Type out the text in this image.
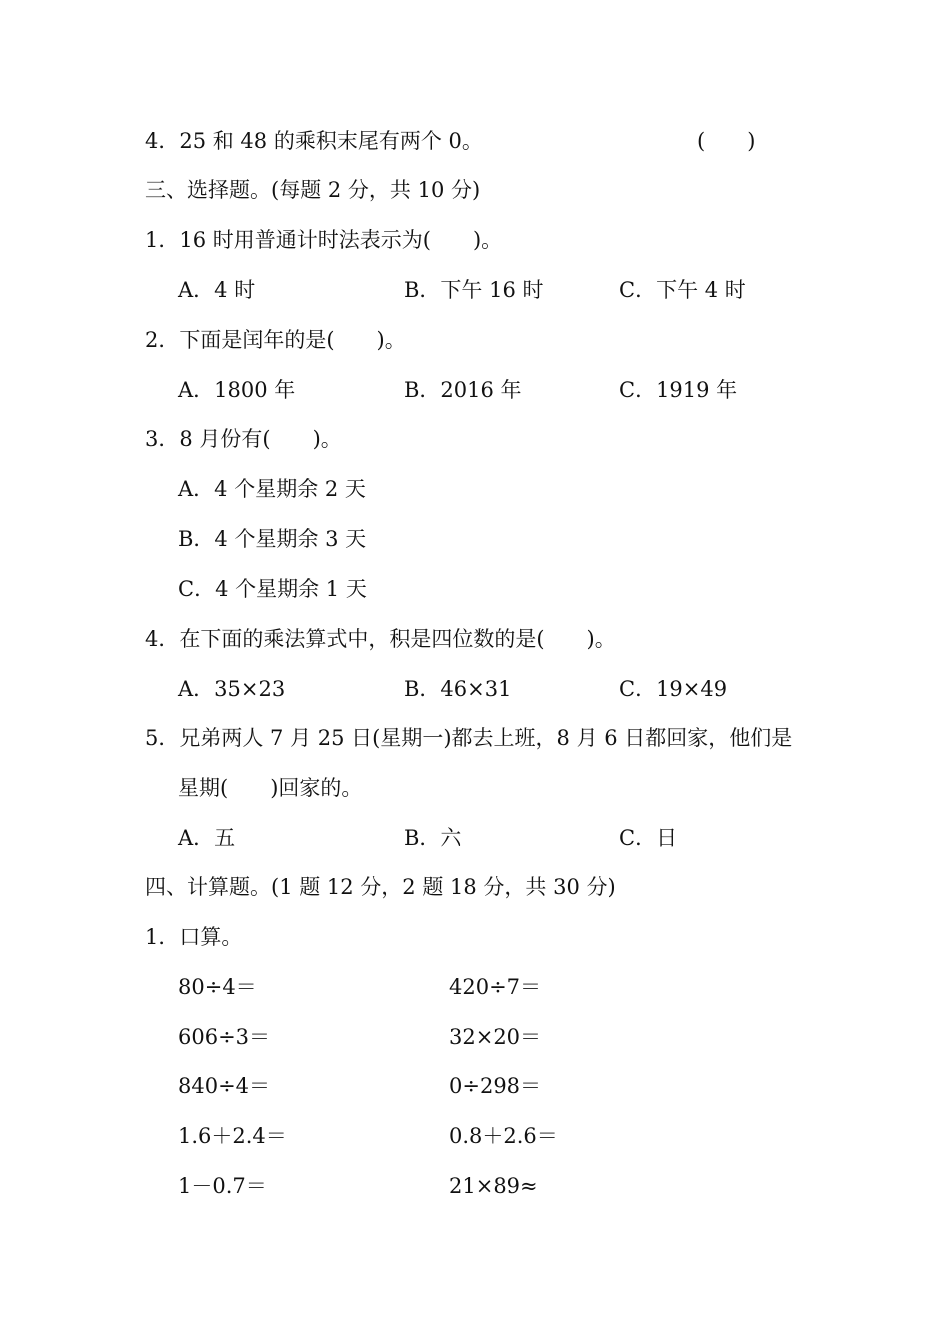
4．25 和 48 的乘积末尾有两个 0。	(　　)
三、选择题。(每题 2 分，共 10 分)
1．16 时用普通计时法表示为(　　)。
A．4 时	B．下午 16 时	C．下午 4 时
2．下面是闰年的是(　　)。
A．1800 年	B．2016 年	C．1919 年
3．8 月份有(　　)。
A．4 个星期余 2 天
B．4 个星期余 3 天
C．4 个星期余 1 天
4．在下面的乘法算式中，积是四位数的是(　　)。
A．35×23	B．46×31	C．19×49
5．兄弟两人 7 月 25 日(星期一)都去上班，8 月 6 日都回家，他们是
星期(　　)回家的。
A．五	B．六	C．日
四、计算题。(1 题 12 分，2 题 18 分，共 30 分)
1．口算。
80÷4＝	420÷7＝
606÷3＝	32×20＝
840÷4＝	0÷298＝
1.6＋2.4＝	0.8＋2.6＝
1－0.7＝	21×89≈
